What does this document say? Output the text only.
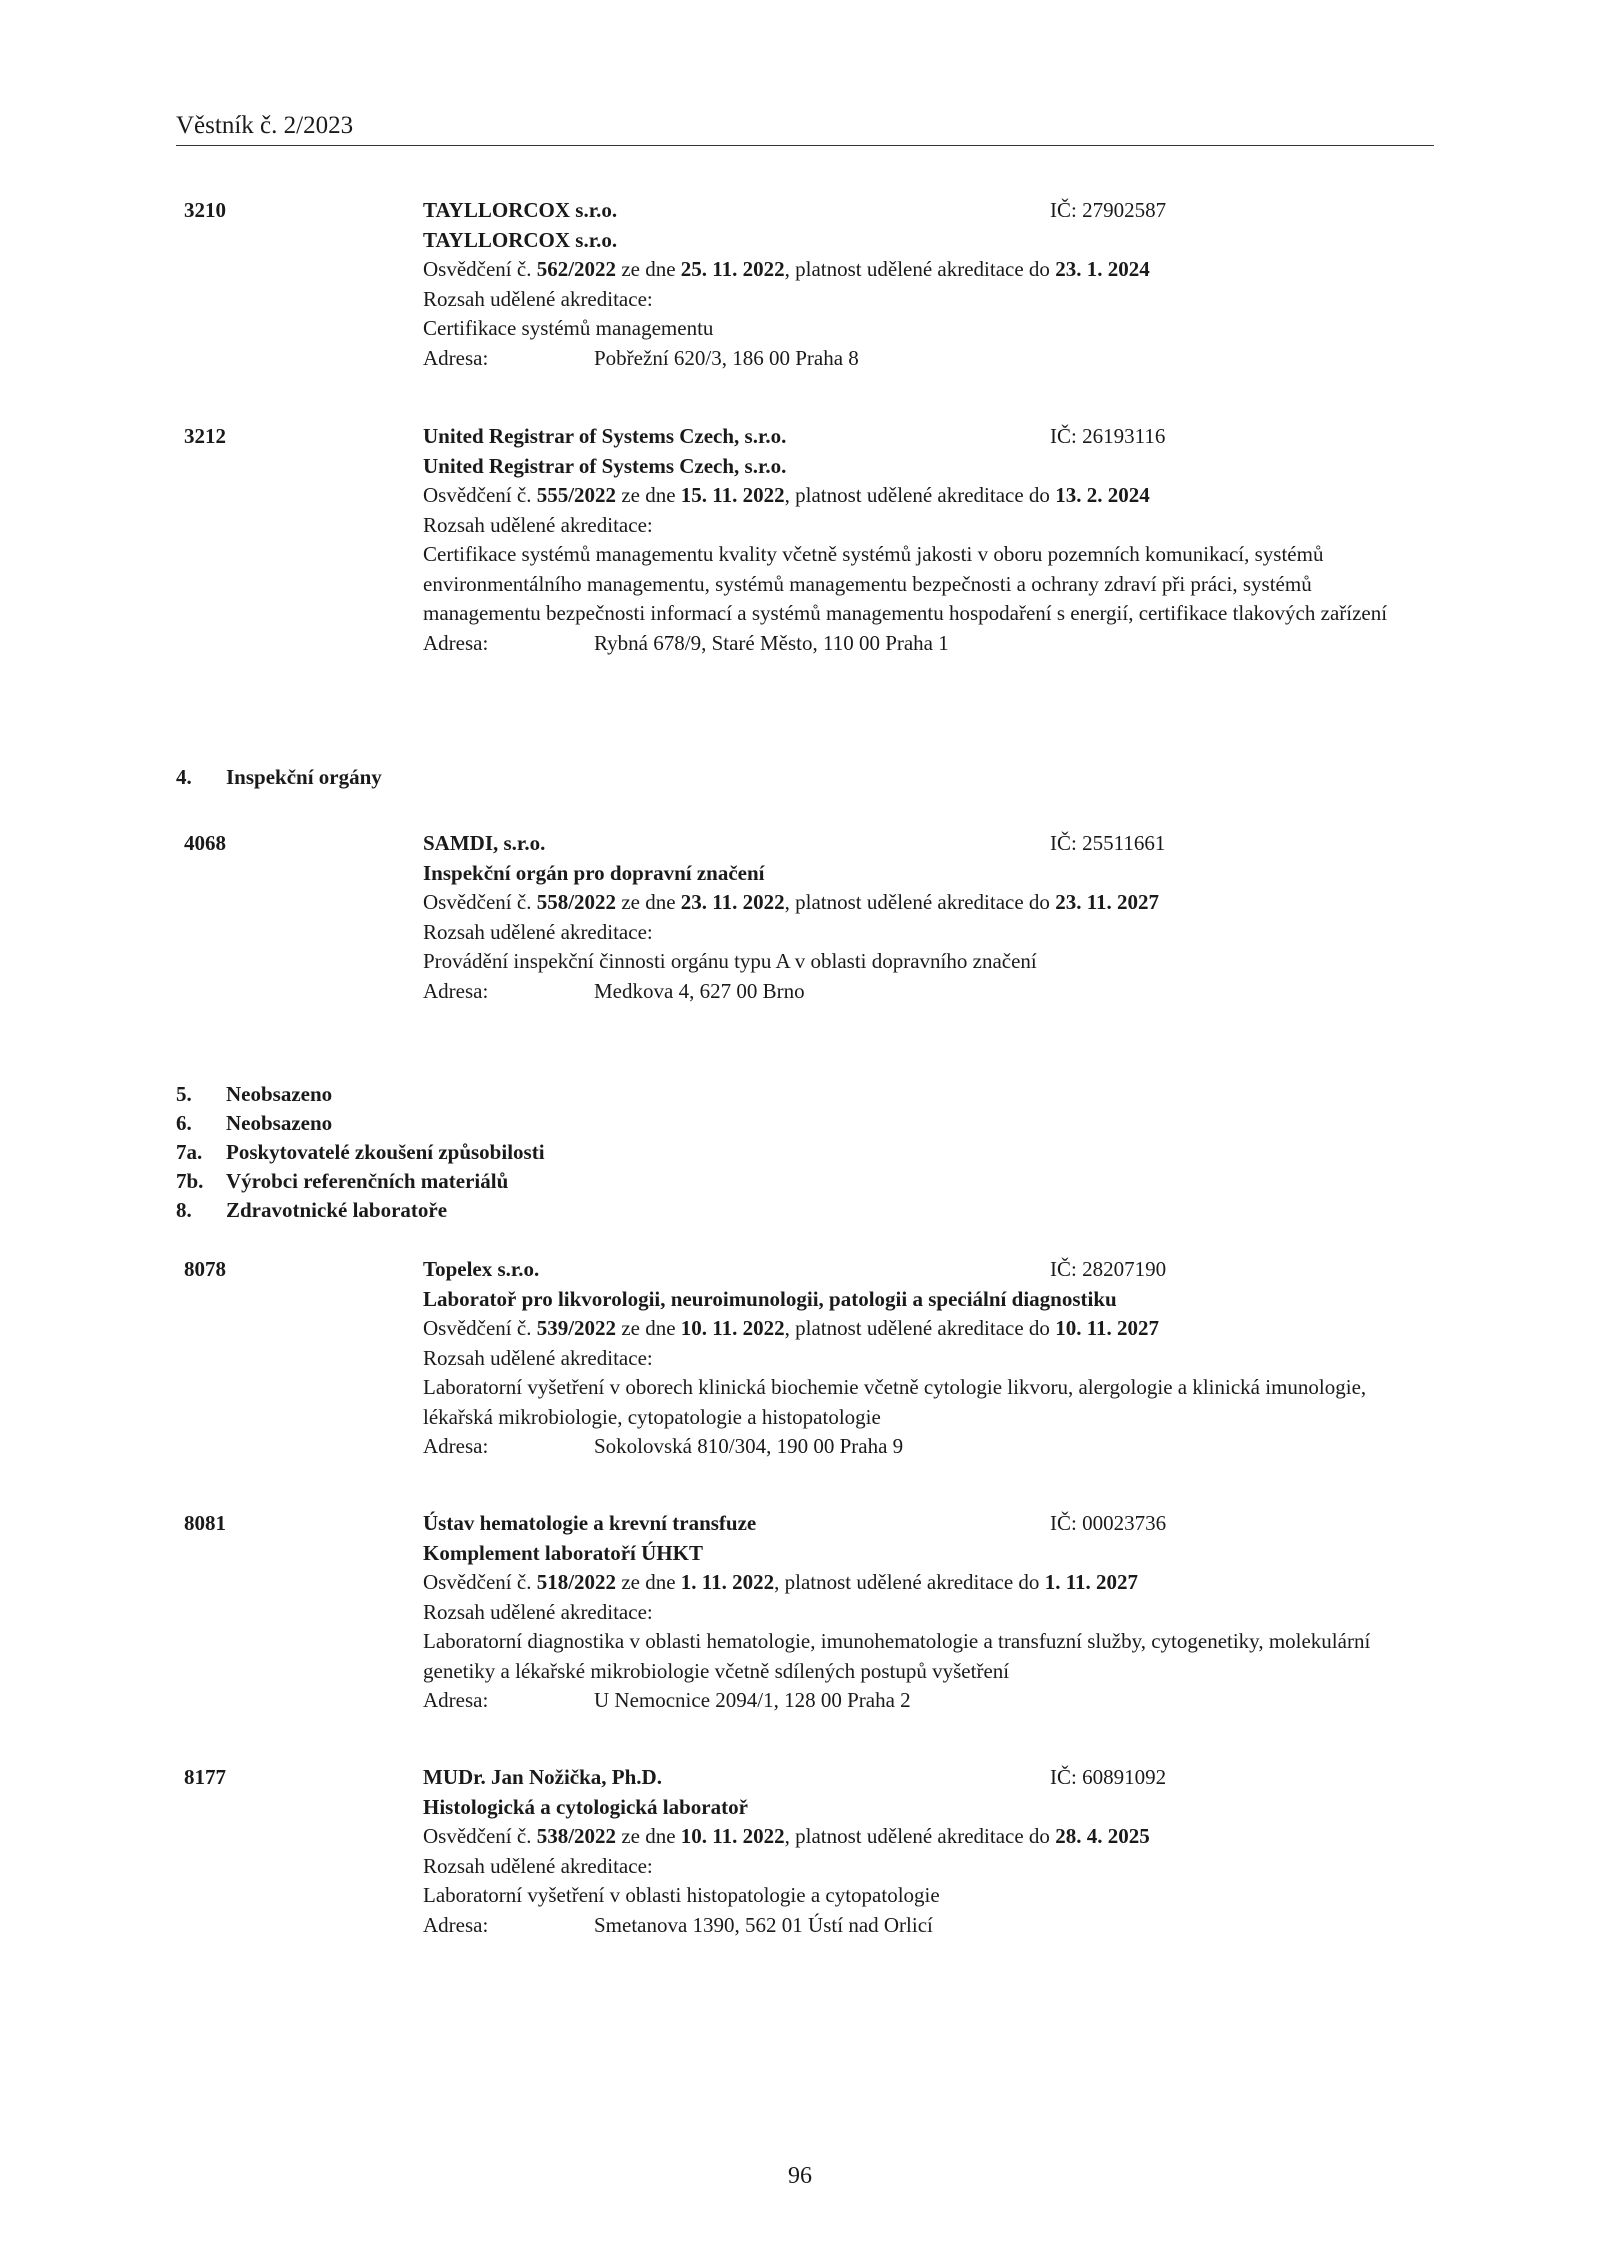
Věstník č. 2/2023
3210	TAYLLORCOX s.r.o.	IČ: 27902587
TAYLLORCOX s.r.o.
Osvědčení č. 562/2022 ze dne 25. 11. 2022, platnost udělené akreditace do 23. 1. 2024
Rozsah udělené akreditace:
Certifikace systémů managementu
Adresa:	Pobřežní 620/3, 186 00 Praha 8
3212	United Registrar of Systems Czech, s.r.o.	IČ: 26193116
United Registrar of Systems Czech, s.r.o.
Osvědčení č. 555/2022 ze dne 15. 11. 2022, platnost udělené akreditace do 13. 2. 2024
Rozsah udělené akreditace:
Certifikace systémů managementu kvality včetně systémů jakosti v oboru pozemních komunikací, systémů environmentálního managementu, systémů managementu bezpečnosti a ochrany zdraví při práci, systémů managementu bezpečnosti informací a systémů managementu hospodaření s energií, certifikace tlakových zařízení
Adresa:	Rybná 678/9, Staré Město, 110 00 Praha 1
4. Inspekční orgány
4068	SAMDI, s.r.o.	IČ: 25511661
Inspekční orgán pro dopravní značení
Osvědčení č. 558/2022 ze dne 23. 11. 2022, platnost udělené akreditace do 23. 11. 2027
Rozsah udělené akreditace:
Provádění inspekční činnosti orgánu typu A v oblasti dopravního značení
Adresa:	Medkova 4, 627 00 Brno
5. Neobsazeno
6. Neobsazeno
7a. Poskytovatelé zkoušení způsobilosti
7b. Výrobci referenčních materiálů
8. Zdravotnické laboratoře
8078	Topelex s.r.o.	IČ: 28207190
Laboratoř pro likvorologii, neuroimunologii, patologii a speciální diagnostiku
Osvědčení č. 539/2022 ze dne 10. 11. 2022, platnost udělené akreditace do 10. 11. 2027
Rozsah udělené akreditace:
Laboratorní vyšetření v oborech klinická biochemie včetně cytologie likvoru, alergologie a klinická imunologie, lékařská mikrobiologie, cytopatologie a histopatologie
Adresa:	Sokolovská 810/304, 190 00 Praha 9
8081	Ústav hematologie a krevní transfuze	IČ: 00023736
Komplement laboratoří ÚHKT
Osvědčení č. 518/2022 ze dne 1. 11. 2022, platnost udělené akreditace do 1. 11. 2027
Rozsah udělené akreditace:
Laboratorní diagnostika v oblasti hematologie, imunohematologie a transfuzní služby, cytogenetiky, molekulární genetiky a lékařské mikrobiologie včetně sdílených postupů vyšetření
Adresa:	U Nemocnice 2094/1, 128 00 Praha 2
8177	MUDr. Jan Nožička, Ph.D.	IČ: 60891092
Histologická a cytologická laboratoř
Osvědčení č. 538/2022 ze dne 10. 11. 2022, platnost udělené akreditace do 28. 4. 2025
Rozsah udělené akreditace:
Laboratorní vyšetření v oblasti histopatologie a cytopatologie
Adresa:	Smetanova 1390, 562 01 Ústí nad Orlicí
96
